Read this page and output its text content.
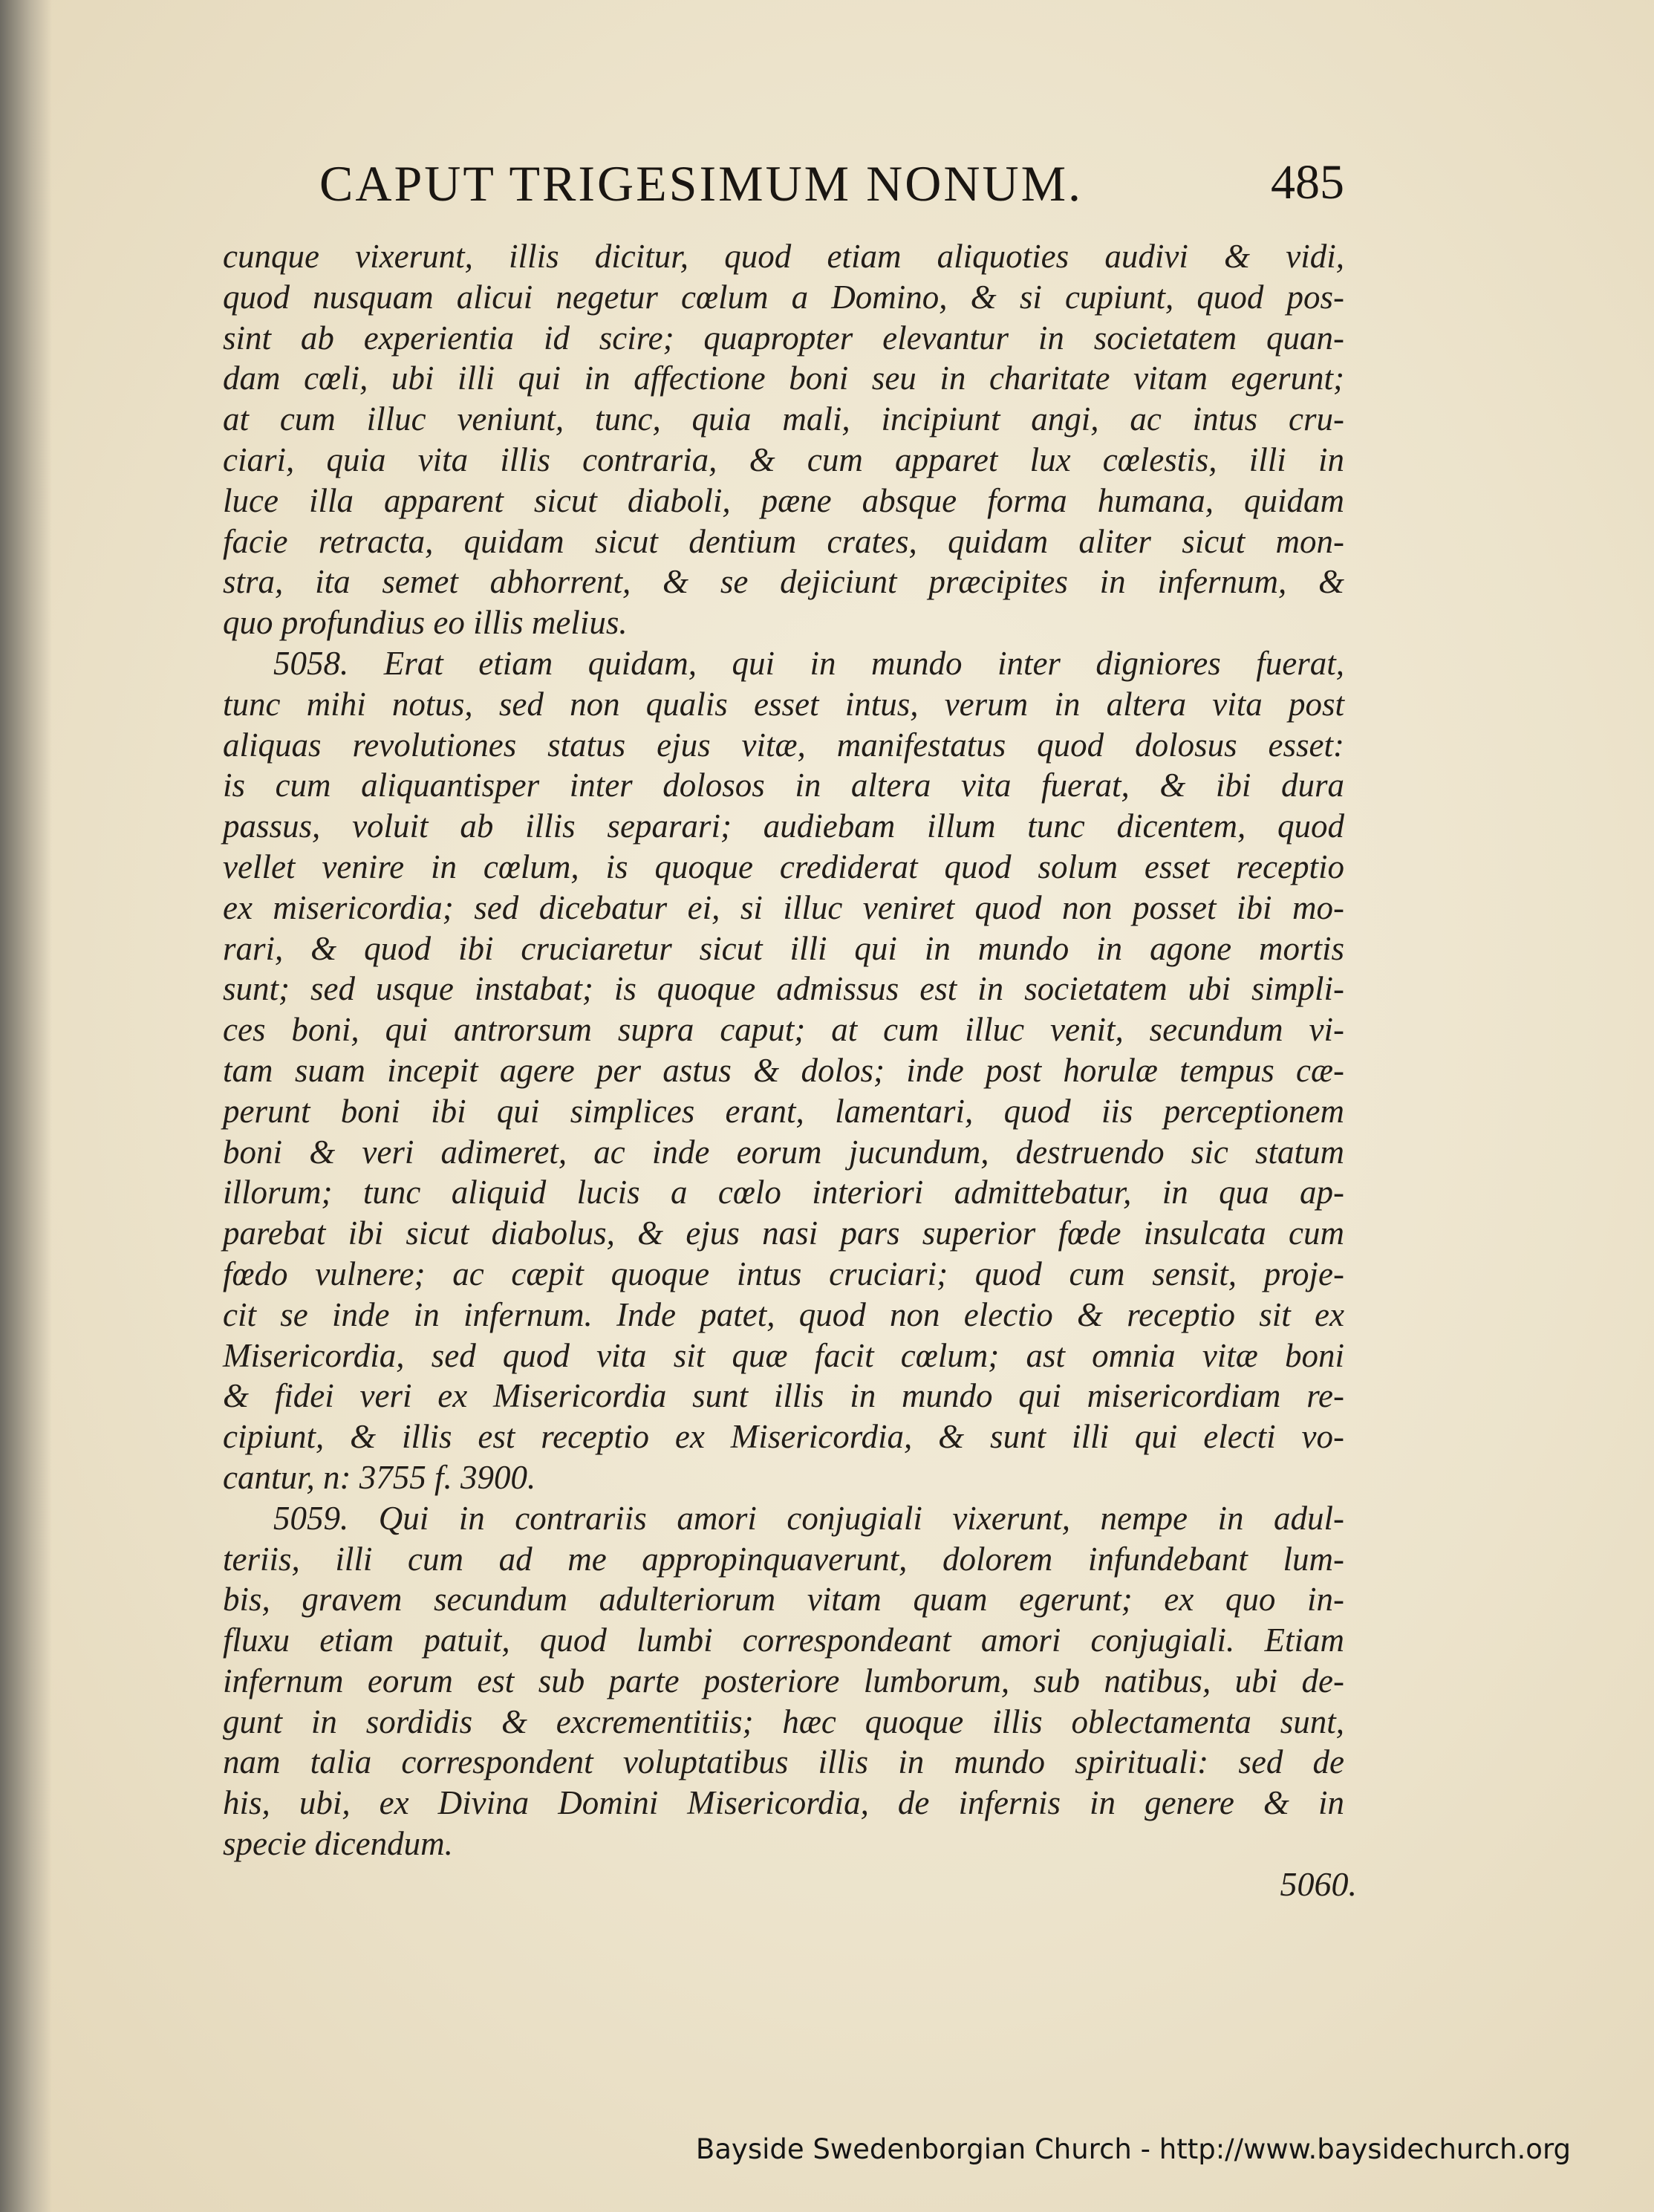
CAPUT TRIGESIMUM NONUM.	485
cunque vixerunt, illis dicitur, quod etiam aliquoties audivi & vidi,
quod nusquam alicui negetur cœlum a Domino, & si cupiunt, quod pos-
sint ab experientia id scire; quapropter elevantur in societatem quan-
dam cœli, ubi illi qui in affectione boni seu in charitate vitam egerunt;
at cum illuc veniunt, tunc, quia mali, incipiunt angi, ac intus cru-
ciari, quia vita illis contraria, & cum apparet lux cœlestis, illi in
luce illa apparent sicut diaboli, pæne absque forma humana, quidam
facie retracta, quidam sicut dentium crates, quidam aliter sicut mon-
stra, ita semet abhorrent, & se dejiciunt præcipites in infernum, &
quo profundius eo illis melius.
5058. Erat etiam quidam, qui in mundo inter digniores fuerat,
tunc mihi notus, sed non qualis esset intus, verum in altera vita post
aliquas revolutiones status ejus vitæ, manifestatus quod dolosus esset:
is cum aliquantisper inter dolosos in altera vita fuerat, & ibi dura
passus, voluit ab illis separari; audiebam illum tunc dicentem, quod
vellet venire in cœlum, is quoque crediderat quod solum esset receptio
ex misericordia; sed dicebatur ei, si illuc veniret quod non posset ibi mo-
rari, & quod ibi cruciaretur sicut illi qui in mundo in agone mortis
sunt; sed usque instabat; is quoque admissus est in societatem ubi simpli-
ces boni, qui antrorsum supra caput; at cum illuc venit, secundum vi-
tam suam incepit agere per astus & dolos; inde post horulæ tempus cæ-
perunt boni ibi qui simplices erant, lamentari, quod iis perceptionem
boni & veri adimeret, ac inde eorum jucundum, destruendo sic statum
illorum; tunc aliquid lucis a cœlo interiori admittebatur, in qua ap-
parebat ibi sicut diabolus, & ejus nasi pars superior fœde insulcata cum
fœdo vulnere; ac cæpit quoque intus cruciari; quod cum sensit, proje-
cit se inde in infernum. Inde patet, quod non electio & receptio sit ex
Misericordia, sed quod vita sit quæ facit cœlum; ast omnia vitæ boni
& fidei veri ex Misericordia sunt illis in mundo qui misericordiam re-
cipiunt, & illis est receptio ex Misericordia, & sunt illi qui electi vo-
cantur, n: 3755 f. 3900.
5059. Qui in contrariis amori conjugiali vixerunt, nempe in adul-
teriis, illi cum ad me appropinquaverunt, dolorem infundebant lum-
bis, gravem secundum adulteriorum vitam quam egerunt; ex quo in-
fluxu etiam patuit, quod lumbi correspondeant amori conjugiali. Etiam
infernum eorum est sub parte posteriore lumborum, sub natibus, ubi de-
gunt in sordidis & excrementitiis; hæc quoque illis oblectamenta sunt,
nam talia correspondent voluptatibus illis in mundo spirituali: sed de
his, ubi, ex Divina Domini Misericordia, de infernis in genere & in
specie dicendum.
5060.
Bayside Swedenborgian Church - http://www.baysidechurch.org
